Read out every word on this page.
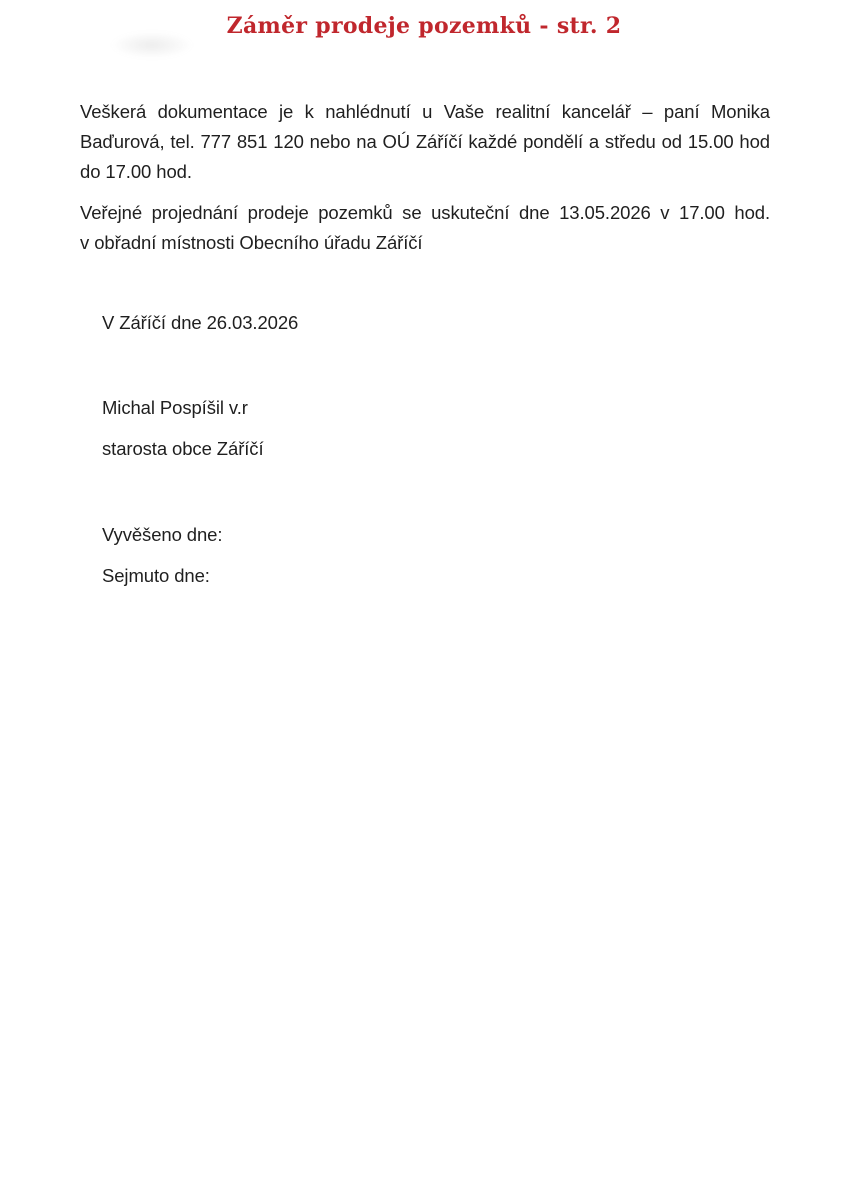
Záměr prodeje pozemků - str. 2
Veškerá dokumentace je k nahlédnutí u Vaše realitní kancelář – paní Monika
Baďurová, tel. 777 851 120 nebo na OÚ Záříčí každé pondělí a středu od 15.00 hod
do 17.00 hod.
Veřejné projednání prodeje pozemků se uskuteční dne 13.05.2026 v 17.00 hod.
v obřadní místnosti Obecního úřadu Záříčí
V Záříčí dne 26.03.2026
Michal Pospíšil v.r
starosta obce Záříčí
Vyvěšeno dne:
Sejmuto dne:
